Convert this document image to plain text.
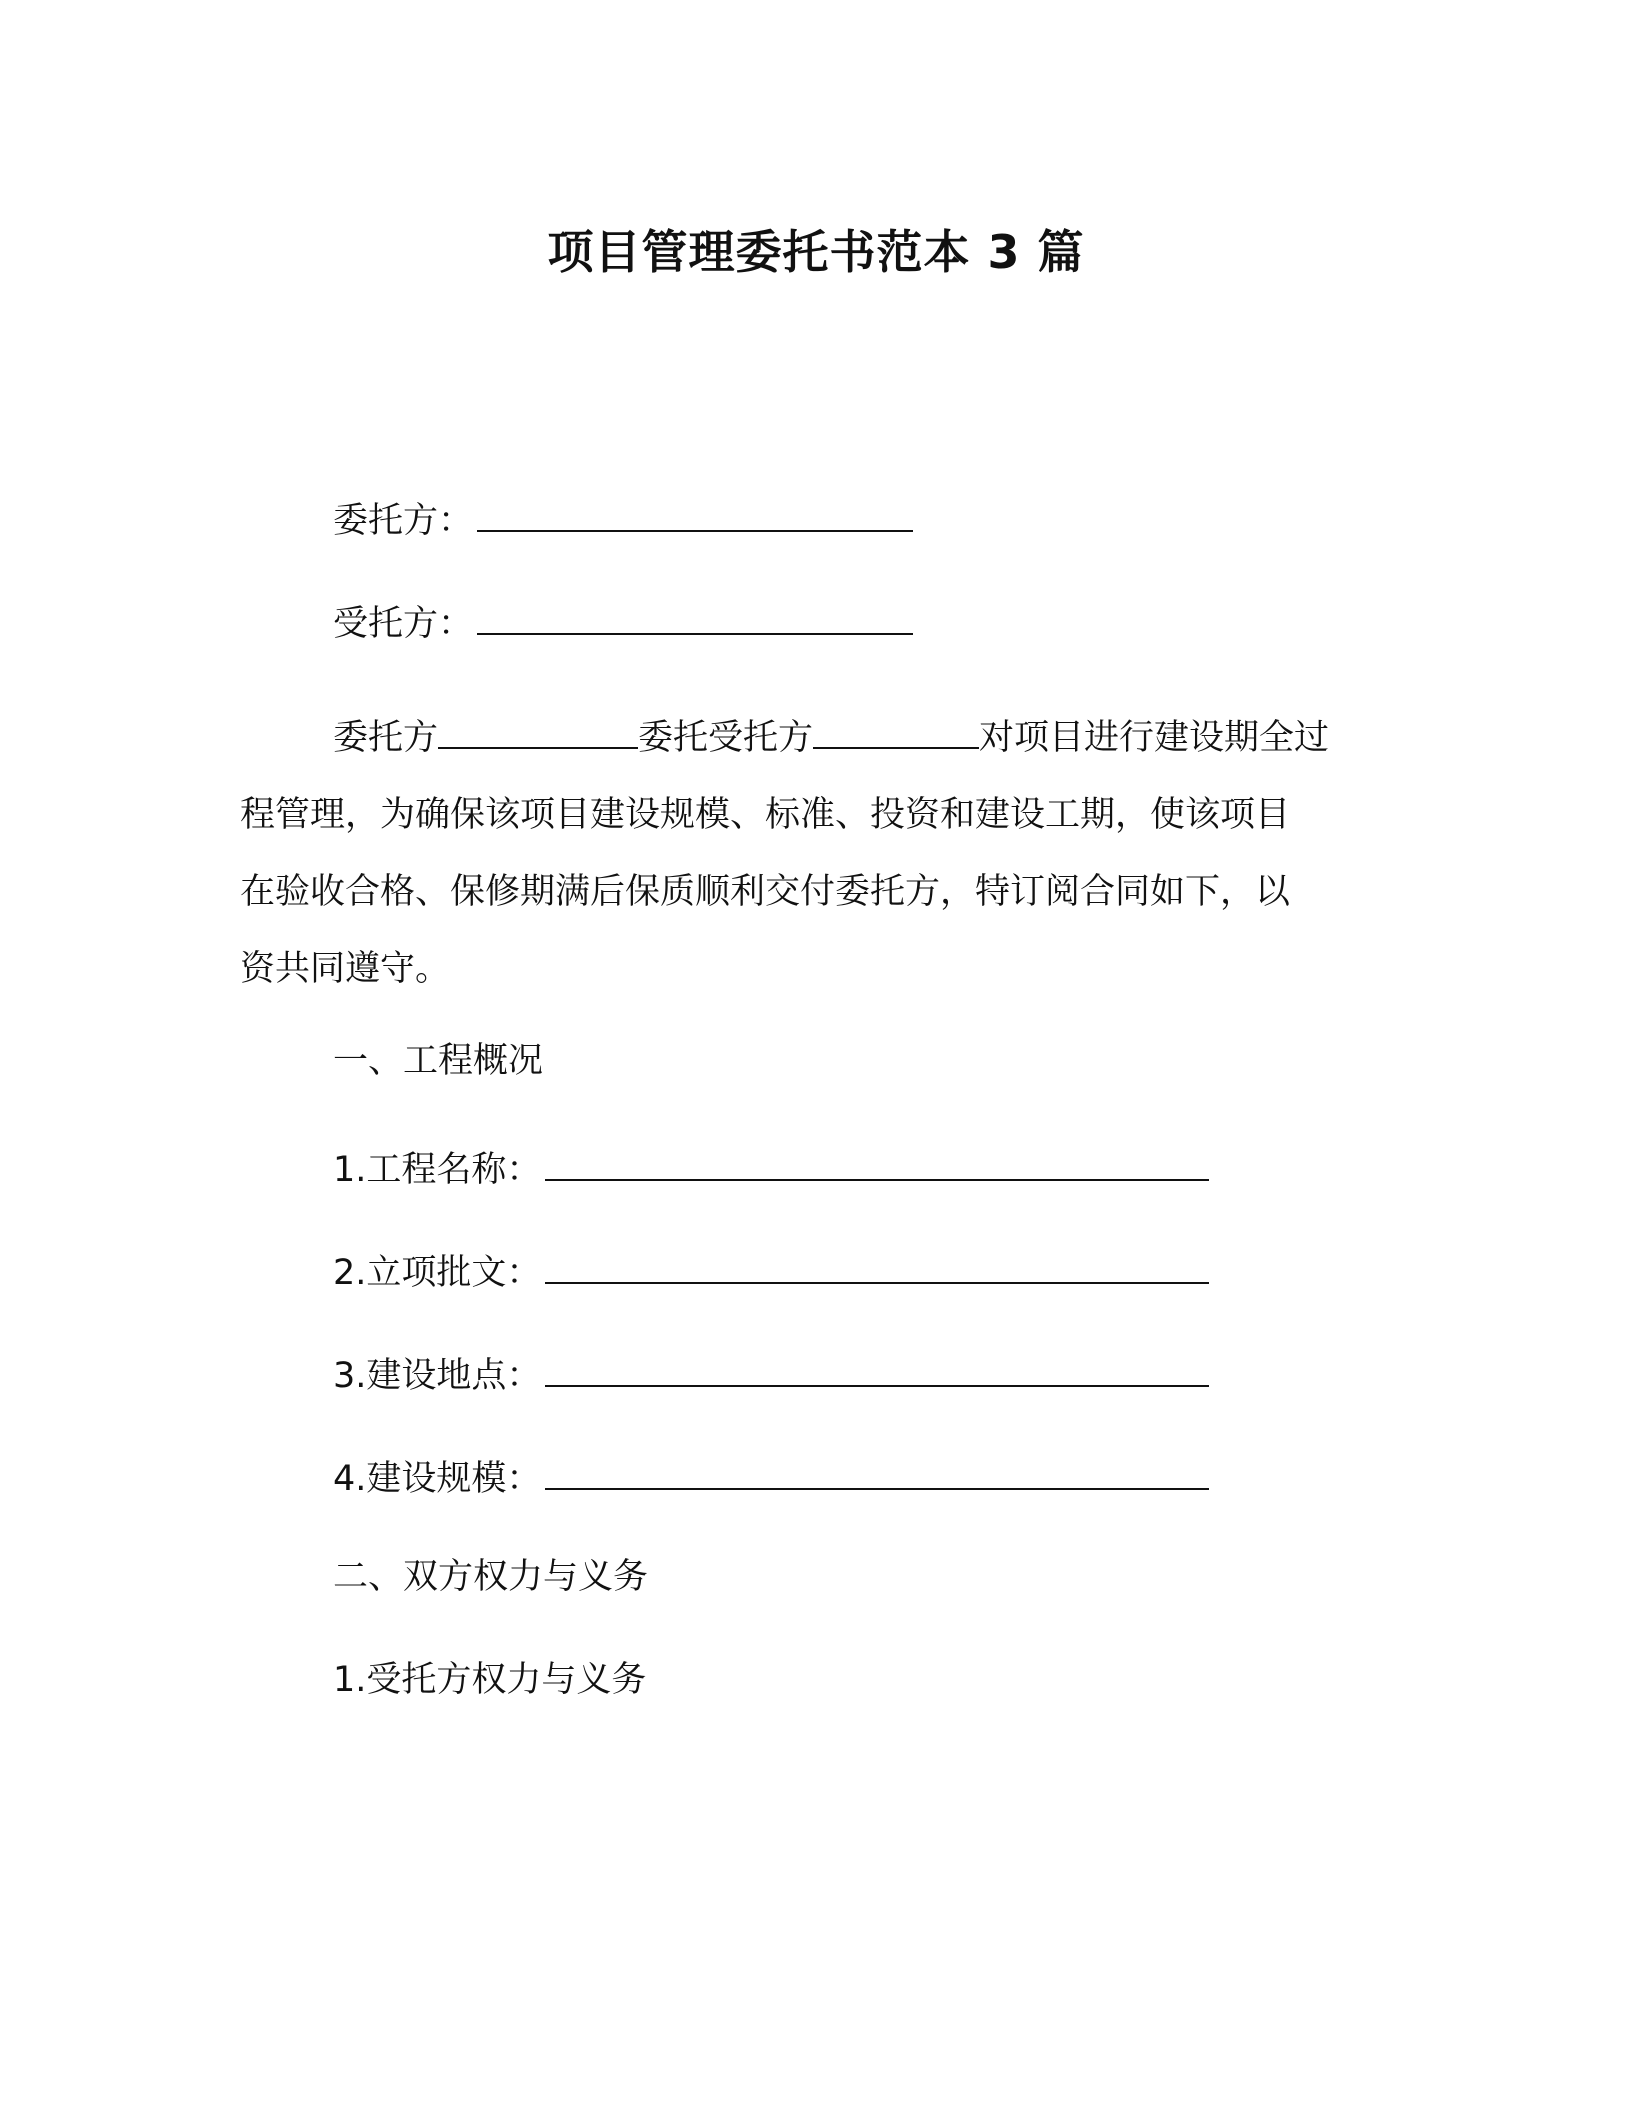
项目管理委托书范本 3 篇
委托方：
受托方：
委托方	委托受托方	对项目进行建设期全过
程管理，为确保该项目建设规模、标准、投资和建设工期，使该项目
在验收合格、保修期满后保质顺利交付委托方，特订阅合同如下，以
资共同遵守。
一、工程概况
1.工程名称：
2.立项批文：
3.建设地点：
4.建设规模：
二、双方权力与义务
1.受托方权力与义务
